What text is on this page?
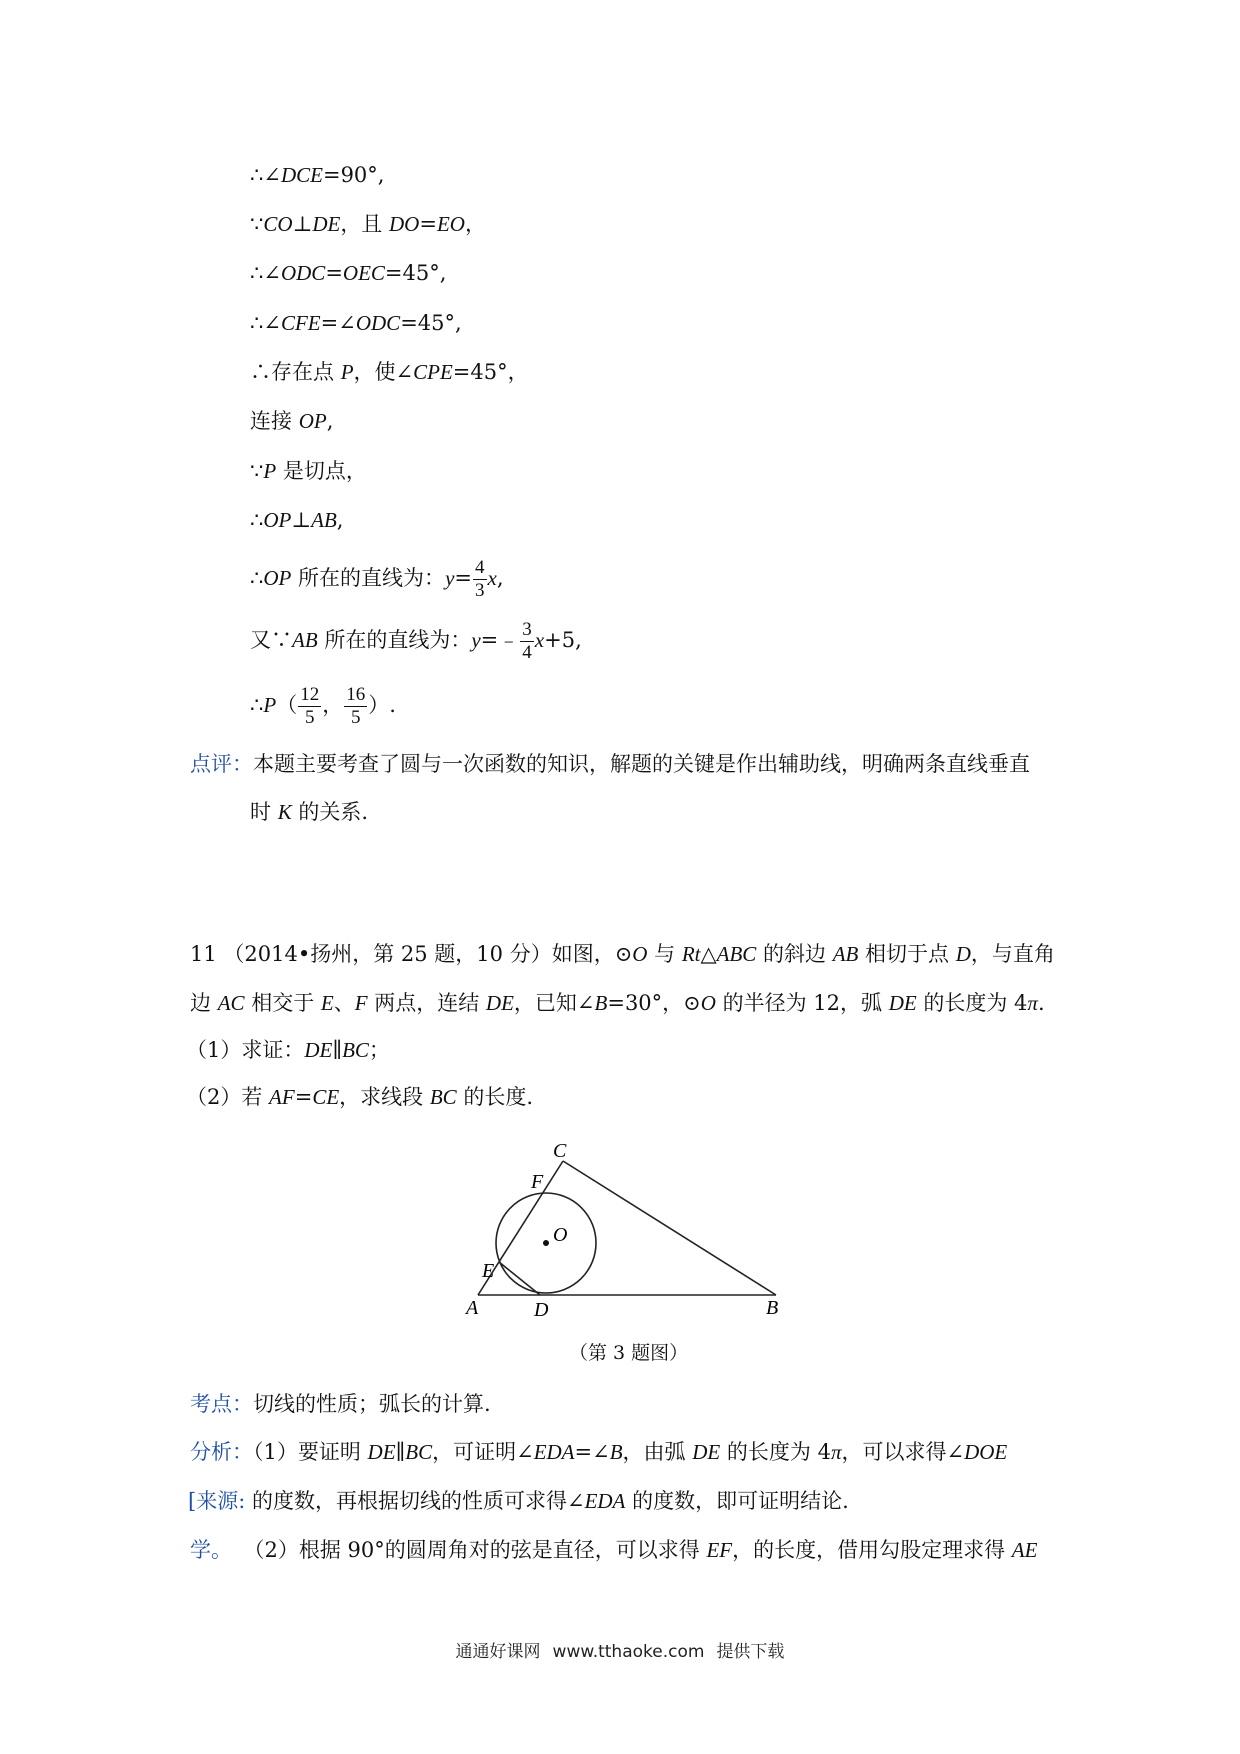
∴∠DCE=90°,
∵CO⊥DE，且 DO=EO，
∴∠ODC=OEC=45°,
∴∠CFE=∠ODC=45°,
∴存在点 P，使∠CPE=45°，
连接 OP,
∵P 是切点，
∴OP⊥AB,
∴OP 所在的直线为：$y= \frac{4}{3} x$,
又∵AB 所在的直线为：y=﹣ $\frac{3}{4} x+5$,
∴P（ $\frac{12}{5}$ ， $\frac{16}{5}$ ）.
点评：本题主要考查了圆与一次函数的知识，解题的关键是作出辅助线，明确两条直线垂直
时 K 的关系.
11 （2014•扬州，第 25 题，10 分）如图，⊙O 与 Rt△ABC 的斜边 AB 相切于点 D，与直角
边 AC 相交于 E、F 两点，连结 DE，已知∠B=30°，⊙O 的半径为 12，弧 DE 的长度为 4π.
（1）求证：DE∥BC；
（2）若 AF=CE，求线段 BC 的长度.
O
A	B
C
D
E
F
（第 3 题图）
考点：切线的性质；弧长的计算.
分析：（1）要证明 DE∥BC，可证明∠EDA=∠B，由弧 DE 的长度为 4π，可以求得∠DOE
[来源: 的度数，再根据切线的性质可求得∠EDA 的度数，即可证明结论.
学。 （2）根据 90°的圆周角对的弦是直径，可以求得 EF，的长度，借用勾股定理求得 AE
通通好课网 www.tthaoke.com 提供下载
